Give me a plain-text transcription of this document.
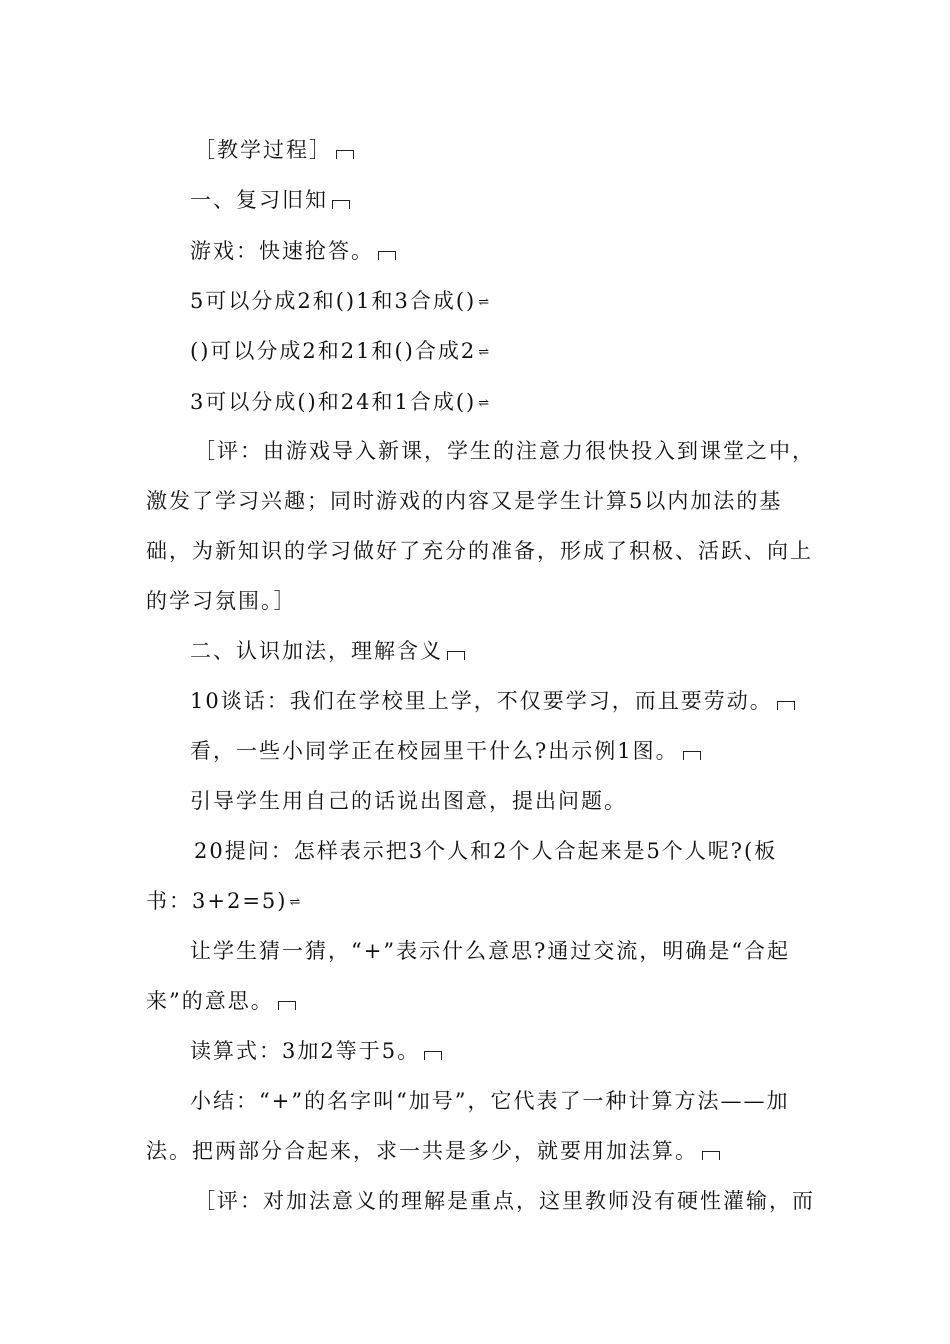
［教学过程］
一、复习旧知
游戏：快速抢答。
5可以分成2和()1和3合成() ⇌
()可以分成2和21和()合成2 ⇌
3可以分成()和24和1合成() ⇌
［评：由游戏导入新课，学生的注意力很快投入到课堂之中，
激发了学习兴趣；同时游戏的内容又是学生计算5以内加法的基
础，为新知识的学习做好了充分的准备，形成了积极、活跃、向上
的学习氛围。］
二、认识加法，理解含义
10谈话：我们在学校里上学，不仅要学习，而且要劳动。
看，一些小同学正在校园里干什么?出示例1图。
引导学生用自己的话说出图意，提出问题。
20提问：怎样表示把3个人和2个人合起来是5个人呢?(板
书：3+2=5) ⇌
让学生猜一猜，“+”表示什么意思?通过交流，明确是“合起
来”的意思。
读算式：3加2等于5。
小结：“+”的名字叫“加号”，它代表了一种计算方法——加
法。把两部分合起来，求一共是多少，就要用加法算。
［评：对加法意义的理解是重点，这里教师没有硬性灌输，而
